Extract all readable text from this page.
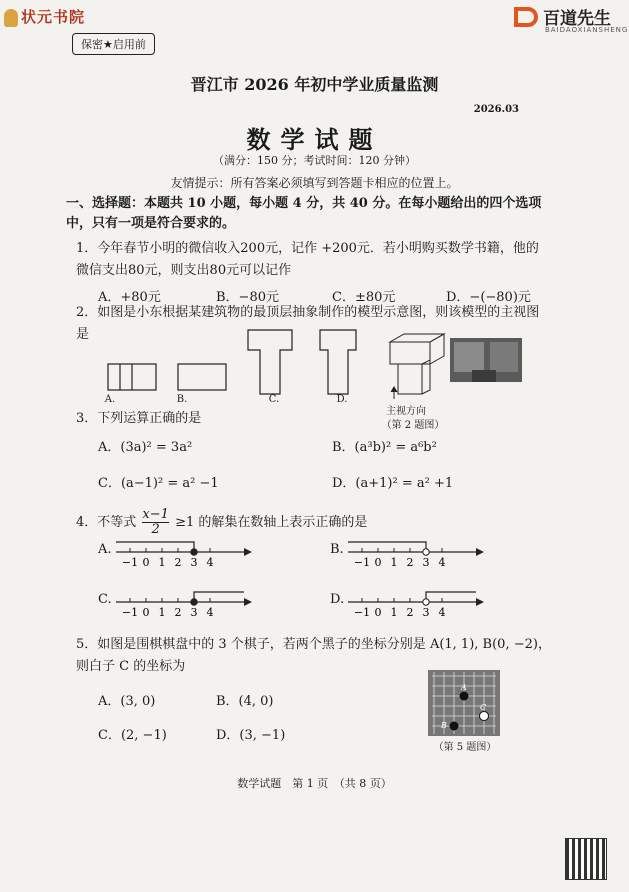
状元书院	百道先生
BAIDAOXIANSHENG
保密★启用前
晋江市 2026 年初中学业质量监测
2026.03
数学试题
（满分：150 分；考试时间：120 分钟）
友情提示：所有答案必须填写到答题卡相应的位置上。
一、选择题：本题共 10 小题，每小题 4 分，共 40 分。在每小题给出的四个选项中，只有一项是符合要求的。
1．今年春节小明的微信收入200元，记作 +200元．若小明购买数学书籍，他的微信支出80元，则支出80元可以记作
A．+80元	B．−80元	C．±80元	D．−(−80)元
2．如图是小东根据某建筑物的最顶层抽象制作的模型示意图，则该模型的主视图是
A.	B.	C.	D.
主视方向
（第 2 题图）
3．下列运算正确的是
A．(3a)² = 3a²	B．(a³b)² = a⁶b²
C．(a−1)² = a² −1	D．(a+1)² = a² +1
4．不等式 $\frac{x-1}{2} \ge 1$ 的解集在数轴上表示正确的是
A.
−1 0 1 2 3 4
B.
−1 0 1 2 3 4
C.
−1 0 1 2 3 4
D.
−1 0 1 2 3 4
5．如图是围棋棋盘中的 3 个棋子，若两个黑子的坐标分别是 A(1, 1), B(0, −2)，则白子 C 的坐标为
A．(3, 0)	B．(4, 0)
C．(2, −1)	D．(3, −1)
A
B
C
（第 5 题图）
数学试题　第 1 页　（共 8 页）
